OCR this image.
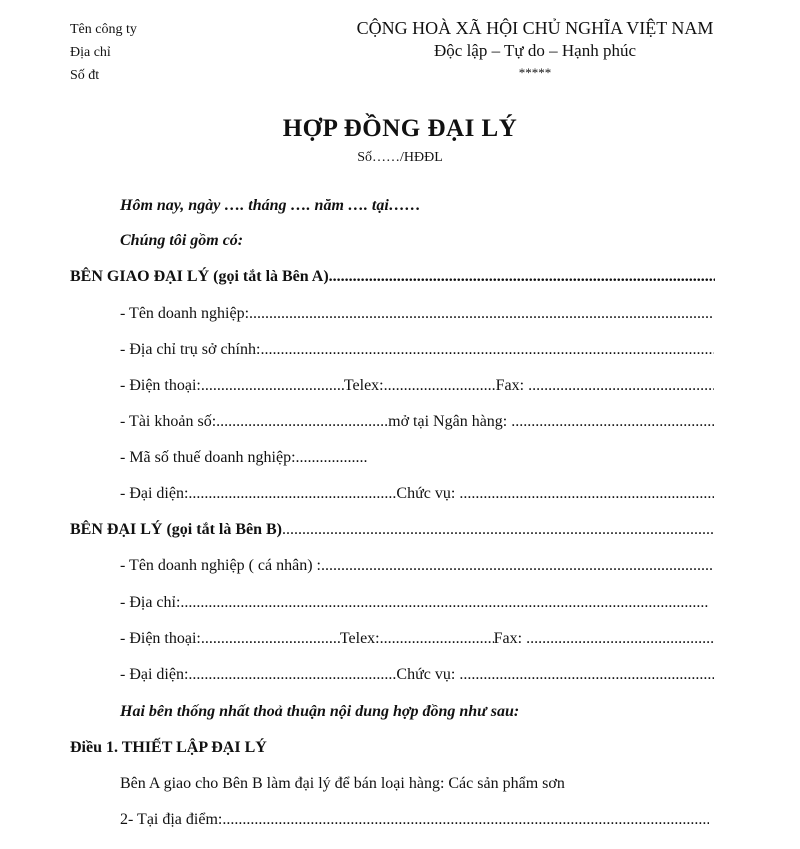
Tên công ty
Địa chỉ
Số đt
CỘNG HOÀ XÃ HỘI CHỦ NGHĨA VIỆT NAM
Độc lập – Tự do – Hạnh phúc
*****
HỢP ĐỒNG ĐẠI LÝ
Số……/HĐĐL
Hôm nay, ngày …. tháng …. năm …. tại……
Chúng tôi gồm có:
BÊN GIAO ĐẠI LÝ (gọi tắt là Bên A).........
.....
- Tên doanh nghiệp:
.....
- Địa chỉ trụ sở chính:
.....
- Điện thoại: .....	Telex: .....	Fax:
.....
- Tài khoản số: .....	mở tại Ngân hàng:
.....
- Mã số thuế doanh nghiệp:
.....
- Đại diện: .....	Chức vụ:
.....
BÊN ĐẠI LÝ (gọi tắt là Bên B)
.....
- Tên doanh nghiệp ( cá nhân) :
.....
- Địa chỉ:
.....
- Điện thoại: .....	Telex: .....	Fax:
.....
- Đại diện: .....	Chức vụ:
.....
Hai bên thống nhất thoả thuận nội dung hợp đồng như sau:
Điều 1. THIẾT LẬP ĐẠI LÝ
Bên A giao cho Bên B làm đại lý để bán loại hàng: Các sản phẩm sơn
2- Tại địa điểm:
.....
